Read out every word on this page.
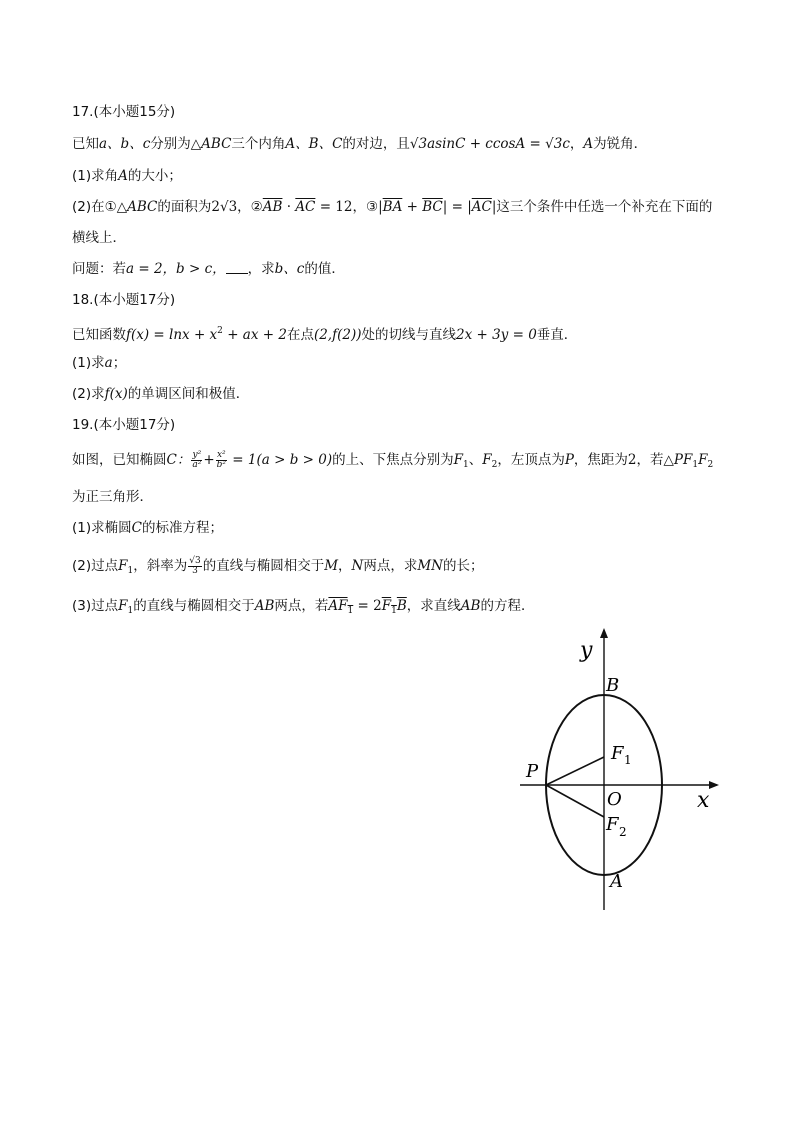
17.(本小题15分)
已知a、b、c分别为△ABC三个内角A、B、C的对边，且√3asinC + ccosA = √3c，A为锐角．
(1)求角A的大小；
(2)在①△ABC的面积为2√3，$②\overline{AB} \cdot \overline{AC} = 12$，$③|\overline{BA} + \overline{BC}| = |\overline{AC}|$这三个条件中任选一个补充在下面的
横线上．
问题：若a = 2，b > c， ，求b、c的值．
18.(本小题17分)
已知函数$f(x) = \ln x + x^2$ + ax + 2在点(2,f(2))处的切线与直线2x + 3y = 0垂直．
(1)求a；
(2)求f(x)的单调区间和极值．
19.(本小题17分)
如图，已知椭圆C： $\frac{\text{y²}}{\text{a²}} + \frac{\text{x²}}{\text{b²}} = 1(a > b > 0)$的上、下焦点分别为$F_1$、$F_2$，左顶点为P，焦距为2，若$\triangle PF_1F_2$
为正三角形．
(1)求椭圆C的标准方程；
(2)过点$F_1$，斜率为 $\frac{√3}{3}$ 的直线与椭圆相交于M，N两点，求MN的长；
(3)过点$F_1$的直线与椭圆相交于AB两点，若$AF_1 = 2F_1B$，求直线AB的方程．
y
x
B
A
P
O
F 1
F 2
